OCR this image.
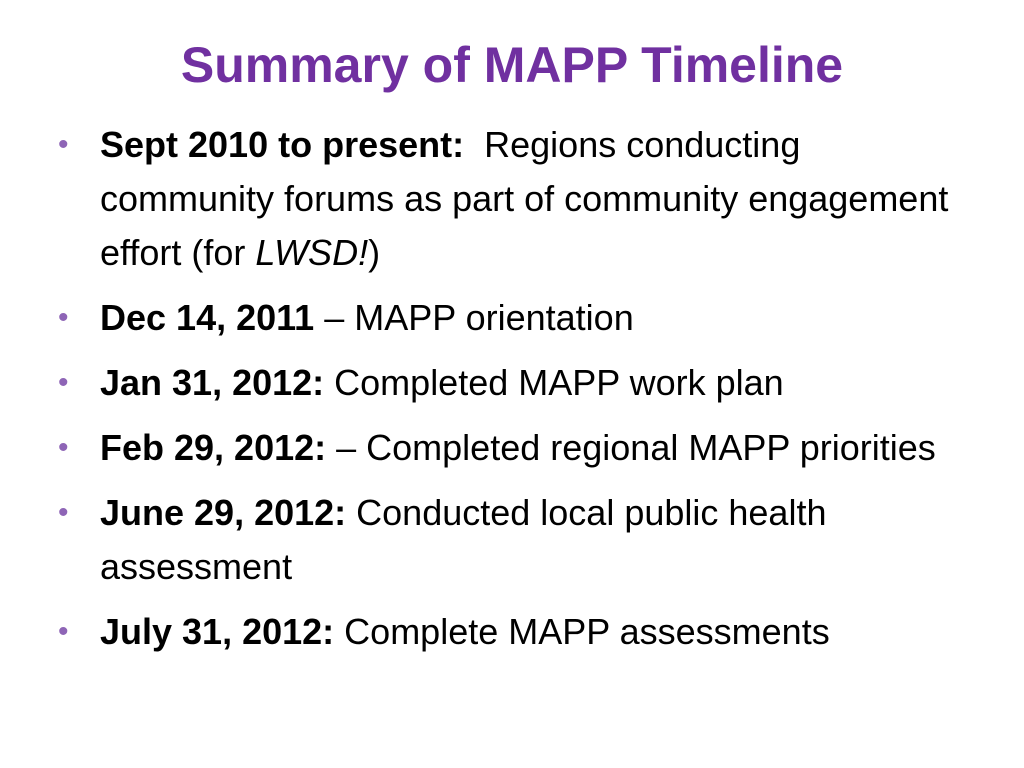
Summary of MAPP Timeline
• Sept 2010 to present:  Regions conducting community forums as part of community engagement effort (for LWSD!)
• Dec 14, 2011 – MAPP orientation
• Jan 31, 2012: Completed MAPP work plan
• Feb 29, 2012: – Completed regional MAPP priorities
• June 29, 2012: Conducted local public health assessment
• July 31, 2012: Complete MAPP assessments
